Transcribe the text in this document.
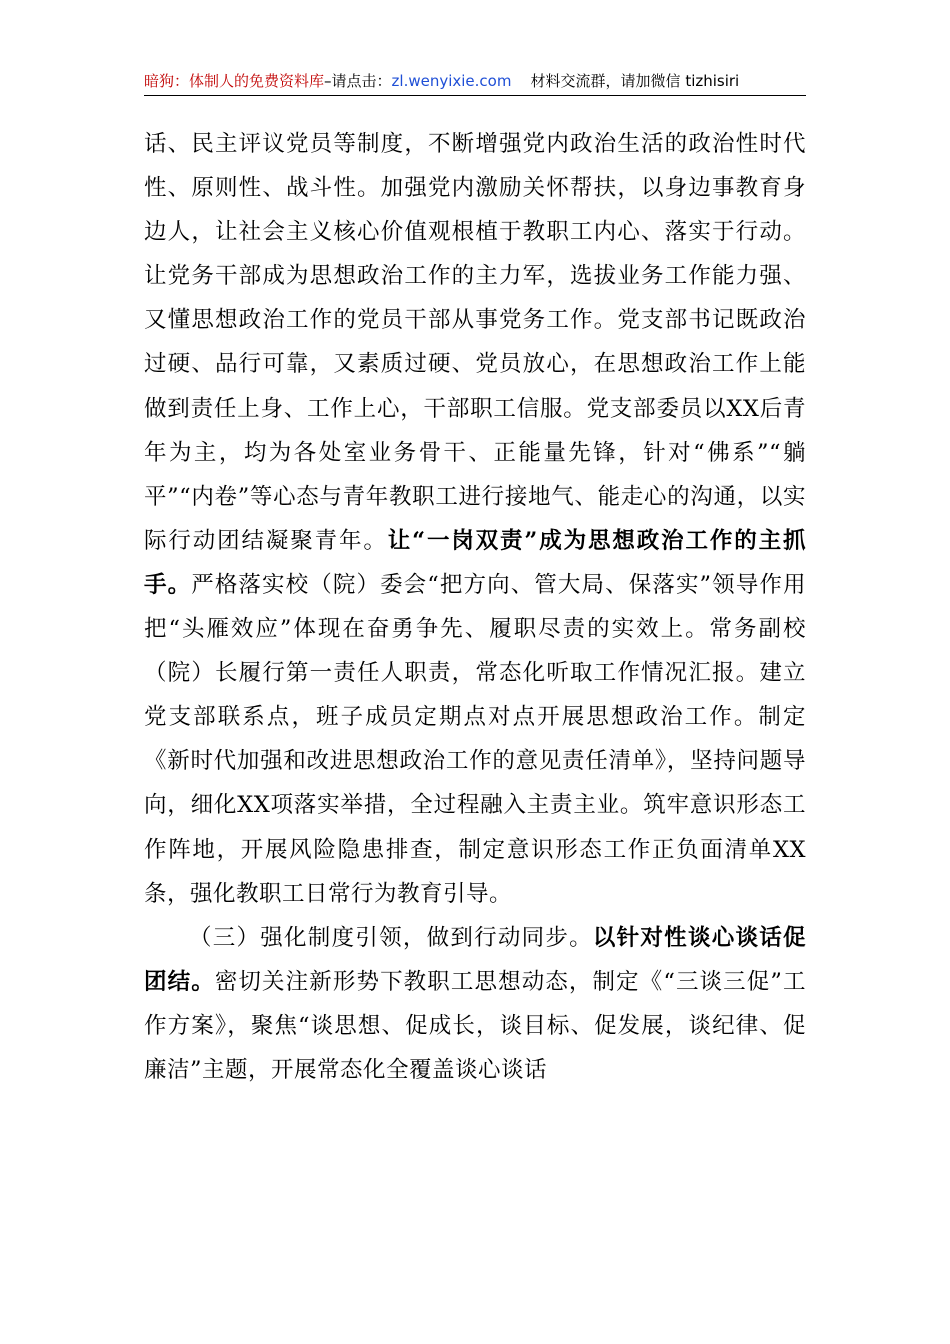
暗狗：体制人的免费资料库–请点击：zl.wenyixie.com 材料交流群，请加微信 tizhisiri

话、民主评议党员等制度，不断增强党内政治生活的政治性时代性、原则性、战斗性。加强党内激励关怀帮扶，以身边事教育身边人，让社会主义核心价值观根植于教职工内心、落实于行动。让党务干部成为思想政治工作的主力军，选拔业务工作能力强、又懂思想政治工作的党员干部从事党务工作。党支部书记既政治过硬、品行可靠，又素质过硬、党员放心，在思想政治工作上能做到责任上身、工作上心，干部职工信服。党支部委员以XX后青年为主，均为各处室业务骨干、正能量先锋，针对“佛系”“躺平”“内卷”等心态与青年教职工进行接地气、能走心的沟通，以实际行动团结凝聚青年。让“一岗双责”成为思想政治工作的主抓手。严格落实校（院）委会“把方向、管大局、保落实”领导作用把“头雁效应”体现在奋勇争先、履职尽责的实效上。常务副校（院）长履行第一责任人职责，常态化听取工作情况汇报。建立党支部联系点，班子成员定期点对点开展思想政治工作。制定《新时代加强和改进思想政治工作的意见责任清单》，坚持问题导向，细化XX项落实举措，全过程融入主责主业。筑牢意识形态工作阵地，开展风险隐患排查，制定意识形态工作正负面清单XX条，强化教职工日常行为教育引导。

（三）强化制度引领，做到行动同步。以针对性谈心谈话促团结。密切关注新形势下教职工思想动态，制定《“三谈三促”工作方案》，聚焦“谈思想、促成长，谈目标、促发展，谈纪律、促廉洁”主题，开展常态化全覆盖谈心谈话
